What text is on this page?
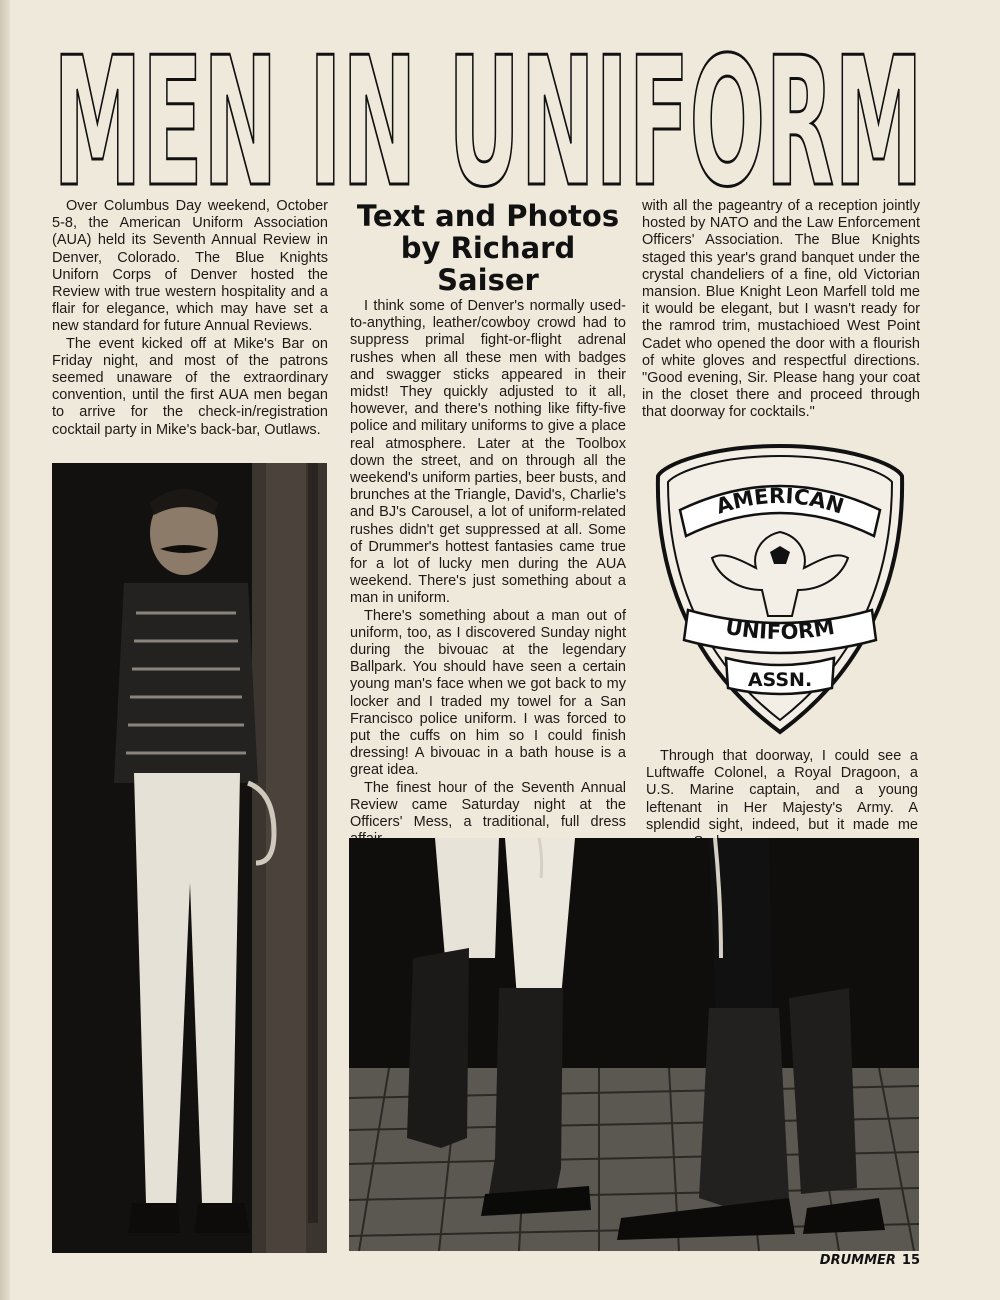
MEN IN UNIFORM

Over Columbus Day weekend, October 5-8, the American Uniform Association (AUA) held its Seventh Annual Review in Denver, Colorado. The Blue Knights Uniforn Corps of Denver hosted the Review with true western hospitality and a flair for elegance, which may have set a new standard for future Annual Reviews.

The event kicked off at Mike's Bar on Friday night, and most of the patrons seemed unaware of the extraordinary convention, until the first AUA men began to arrive for the check-in/registration cocktail party in Mike's back-bar, Outlaws.

Text and Photos
by Richard Saiser

I think some of Denver's normally used-to-anything, leather/cowboy crowd had to suppress primal fight-or-flight adrenal rushes when all these men with badges and swagger sticks appeared in their midst! They quickly adjusted to it all, however, and there's nothing like fifty-five police and military uniforms to give a place real atmosphere. Later at the Toolbox down the street, and on through all the weekend's uniform parties, beer busts, and brunches at the Triangle, David's, Charlie's and BJ's Carousel, a lot of uniform-related rushes didn't get suppressed at all. Some of Drummer's hottest fantasies came true for a lot of lucky men during the AUA weekend. There's just something about a man in uniform.

There's something about a man out of uniform, too, as I discovered Sunday night during the bivouac at the legendary Ballpark. You should have seen a certain young man's face when we got back to my locker and I traded my towel for a San Francisco police uniform. I was forced to put the cuffs on him so I could finish dressing! A bivouac in a bath house is a great idea.

The finest hour of the Seventh Annual Review came Saturday night at the Officers' Mess, a traditional, full dress

with all the pageantry of a reception jointly hosted by NATO and the Law Enforcement Officers' Association. The Blue Knights staged this year's grand banquet under the crystal chandeliers of a fine, old Victorian mansion. Blue Knight Leon Marfell told me it would be elegant, but I wasn't ready for the ramrod trim, mustachioed West Point Cadet who opened the door with a flourish of white gloves and respectful directions. "Good evening, Sir. Please hang your coat in the closet there and proceed through that doorway for cocktails."

AMERICAN
UNIFORM
ASSN.

Through that doorway, I could see a Luftwaffe Colonel, a Royal Dragoon, a U.S. Marine captain, and a young leftenant in Her Majesty's Army. A splendid sight, indeed, but it made me

DRUMMER 15
